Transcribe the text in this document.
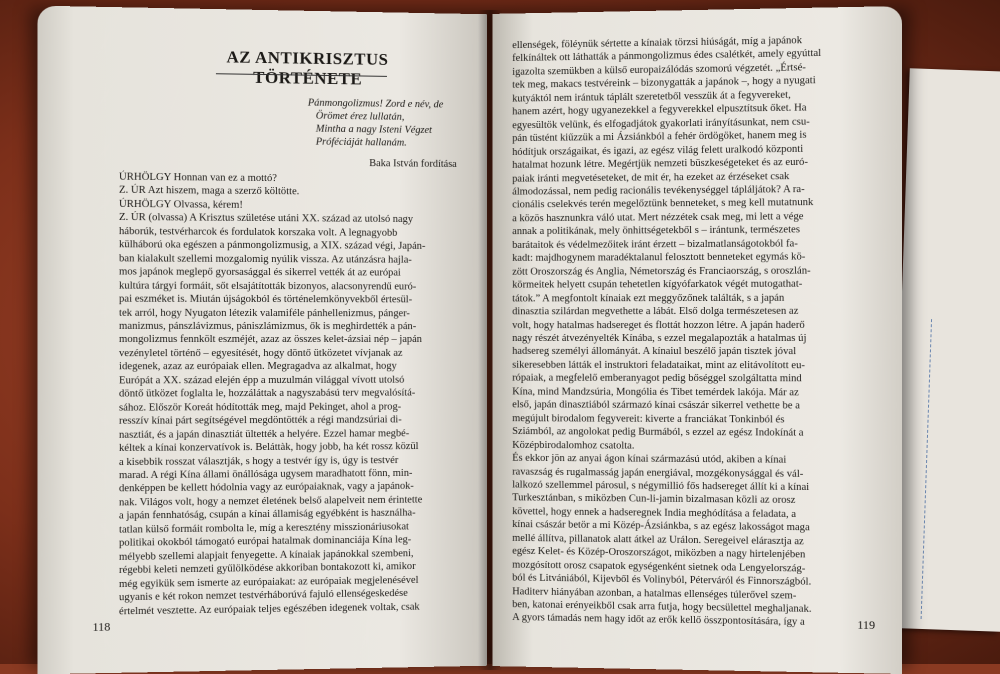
AZ ANTIKRISZTUS TÖRTÉNETE
Pánmongolizmus! Zord e név, de
Örömet érez lullatán,
Mintha a nagy Isteni Végzet
Próféciáját hallanám.
Baka István fordítása
ÚRHÖLGY Honnan van ez a mottó?
Z. ÚR Azt hiszem, maga a szerző költötte.
ÚRHÖLGY Olvassa, kérem!
Z. ÚR (olvassa) A Krisztus születése utáni XX. század az utolsó nagy
háborúk, testvérharcok és fordulatok korszaka volt. A legnagyobb
külháború oka egészen a pánmongolizmusig, a XIX. század végi, Japán-
ban kialakult szellemi mozgalomig nyúlik vissza. Az utánzásra hajla-
mos japánok meglepő gyorsasággal és sikerrel vették át az európai
kultúra tárgyi formáit, sőt elsajátították bizonyos, alacsonyrendű euró-
pai eszméket is. Miután újságokból és történelemkönyvekből értesül-
tek arról, hogy Nyugaton létezik valamiféle pánhellenizmus, pánger-
manizmus, pánszlávizmus, pániszlámizmus, ők is meghirdették a pán-
mongolizmus fennkölt eszméjét, azaz az összes kelet-ázsiai nép – japán
vezényletel történő – egyesítését, hogy döntő ütközetet vívjanak az
idegenek, azaz az európaiak ellen. Megragadva az alkalmat, hogy
Európát a XX. század elején épp a muzulmán világgal vívott utolsó
döntő ütközet foglalta le, hozzáláttak a nagyszabású terv megvalósítá-
sához. Először Koreát hódították meg, majd Pekinget, ahol a prog-
resszív kínai párt segítségével megdöntötték a régi mandzsúriai di-
nasztiát, és a japán dinasztiát ültették a helyére. Ezzel hamar megbé-
kéltek a kínai konzervatívok is. Beláttàk, hogy jobb, ha két rossz közül
a kisebbik rosszat választják, s hogy a testvér így is, úgy is testvér
marad. A régi Kína állami önállósága ugysem maradhatott fönn, min-
denképpen be kellett hódolnia vagy az európaiaknak, vagy a japánok-
nak. Világos volt, hogy a nemzet életének belső alapelveit nem érintette
a japán fennhatóság, csupán a kínai államiság egyébként is használha-
tatlan külső formáit rombolta le, míg a keresztény misszionáriusokat
politikai okokból támogató európai hatalmak dominanciája Kína leg-
mélyebb szellemi alapjait fenyegette. A kínaiak japánokkal szembeni,
régebbi keleti nemzeti gyűlölködése akkoriban bontakozott ki, amikor
még egyikük sem ismerte az európaiakat: az európaiak megjelenésével
ugyanis e két rokon nemzet testvérháborúvá fajuló ellenségeskedése
értelmét vesztette. Az európaiak teljes egészében idegenek voltak, csak
118
ellenségek, föléynük sértette a kínaiak törzsi hiúságát, míg a japánok
felkínáltek ott láthatták a pánmongolizmus édes csalétkét, amely egyúttal
igazolta szemükben a külső europaizálódás szomorú végzetét. „Értsé-
tek meg, makacs testvéreink – bizonygatták a japánok –, hogy a nyugati
kutyáktól nem irántuk táplált szeretetből vesszük át a fegyvereket,
hanem azért, hogy ugyanezekkel a fegyverekkel elpusztítsuk őket. Ha
egyesültök velünk, és elfogadjátok gyakorlati irányításunkat, nem csu-
pán tüstént kiűzzük a mi Ázsiánkból a fehér ördögöket, hanem meg is
hódítjuk országaikat, és igazi, az egész világ felett uralkodó központi
hatalmat hozunk létre. Megértjük nemzeti büszkeségeteket és az euró-
paiak iránti megvetéseteket, de mit ér, ha ezeket az érzéseket csak
álmodozással, nem pedig racionális tevékenységgel tápláljátok? A ra-
cionális cselekvés terén megelőztünk benneteket, s meg kell mutatnunk
a közös hasznunkra váló utat. Mert nézzétek csak meg, mi lett a vége
annak a politikának, mely önhittségetekből s – irántunk, természetes
barátaitok és védelmezőitek iránt érzett – bizalmatlanságotokból fa-
kadt: majdhogynem maradéktalanul felosztott benneteket egymás kö-
zött Oroszország és Anglia, Németország és Franciaország, s oroszlán-
körmeitek helyett csupán tehetetlen kígyófarkatok végét mutogathat-
tátok.” A megfontolt kínaiak ezt meggyőzőnek találták, s a japán
dinasztia szilárdan megvethette a lábát. Első dolga természetesen az
volt, hogy hatalmas hadsereget és flottát hozzon létre. A japán haderő
nagy részét átvezényelték Kínába, s ezzel megalapozták a hatalmas új
hadsereg személyi állományát. A kínaiul beszélő japán tisztek jóval
sikeresebben látták el instruktori feladataikat, mint az elitávolított eu-
rópaiak, a megfelelő emberanyagot pedig bőséggel szolgáltatta mind
Kína, mind Mandzsúria, Mongólia és Tibet temérdek lakója. Már az
első, japán dinasztiából származó kínai császár sikerrel vethette be a
megújult birodalom fegyvereit: kiverte a franciákat Tonkinból és
Sziámból, az angolokat pedig Burmából, s ezzel az egész Indokínát a
Középbirodalomhoz csatolta.
És ekkor jön az anyai ágon kínai származású utód, akiben a kínai
ravaszság és rugalmasság japán energiával, mozgékonysággal és vál-
lalkozó szellemmel párosul, s négymillió fős hadsereget állít ki a kínai
Turkesztánban, s miközben Cun-li-jamin bizalmasan közli az orosz
követtel, hogy ennek a hadseregnek India meghódítása a feladata, a
kínai császár betör a mi Közép-Ázsiánkba, s az egész lakosságot maga
mellé állítva, pillanatok alatt átkel az Urálon. Seregeivel elárasztja az
egész Kelet- és Közép-Oroszországot, miközben a nagy hirtelenjében
mozgósított orosz csapatok egységenként sietnek oda Lengyelország-
ból és Litvániából, Kijevből és Volinyból, Péterváról és Finnországból.
Haditerv hiányában azonban, a hatalmas ellenséges túlerővel szem-
ben, katonai erényeikből csak arra futja, hogy becsülettel meghaljanak.
A gyors támadás nem hagy időt az erők kellő összpontosítására, így a	119
